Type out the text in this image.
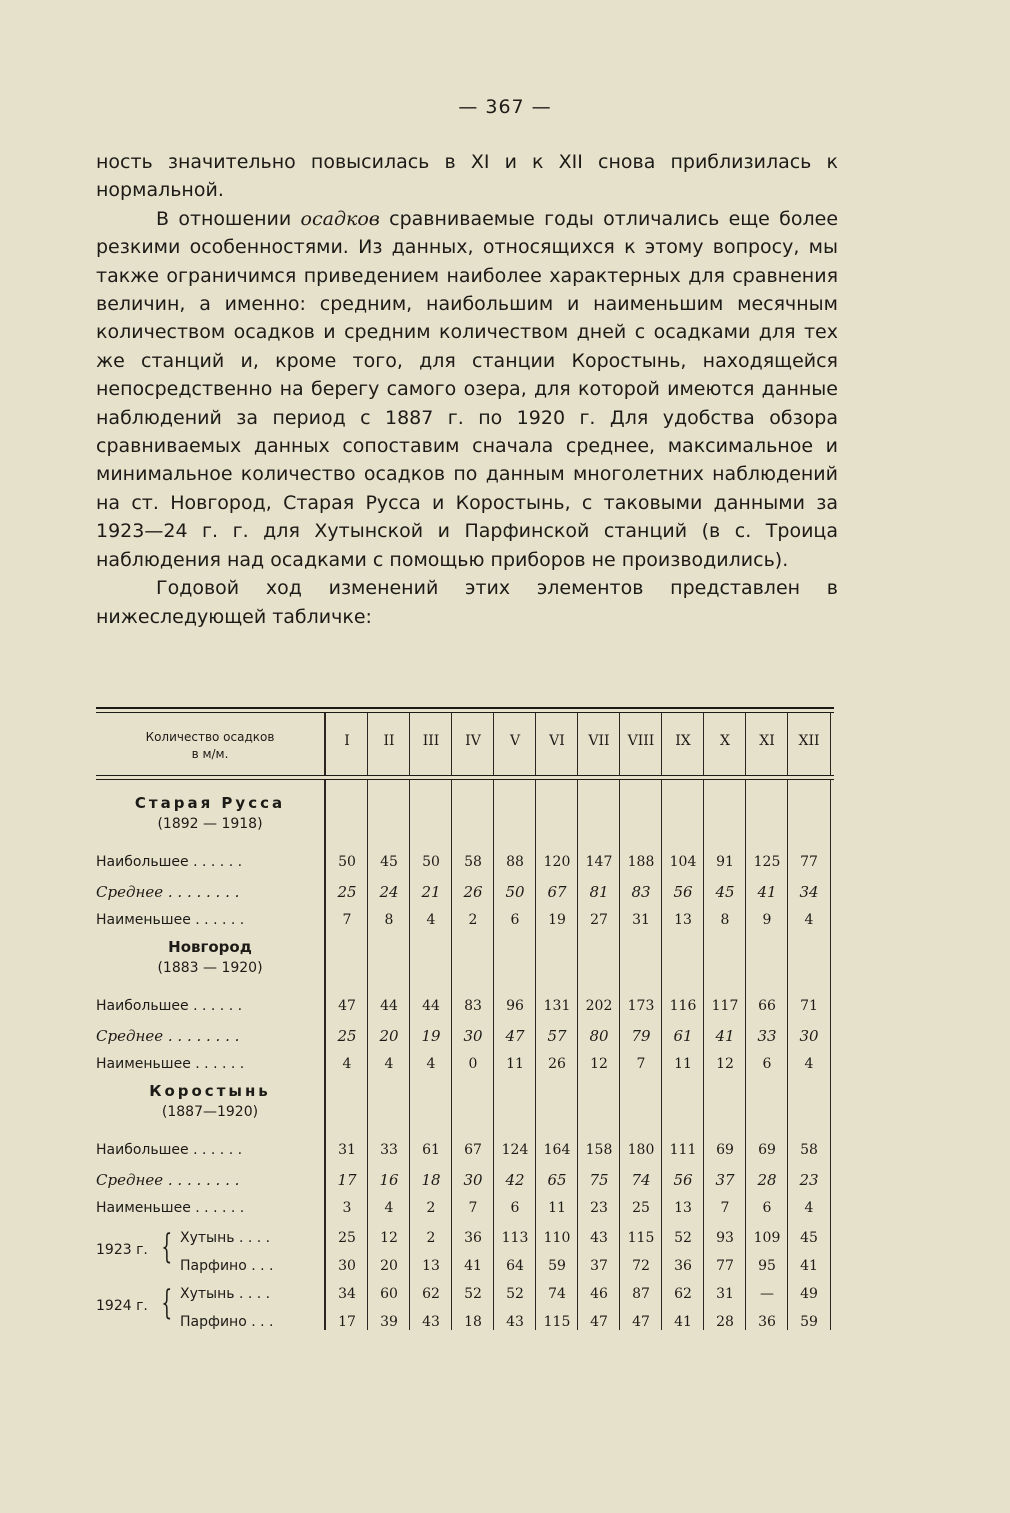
— 367 —

ность значительно повысилась в XI и к XII снова приблизилась к нормальной.

В отношении осадков сравниваемые годы отличались еще более резкими особенностями. Из данных, относящихся к этому вопросу, мы также ограничимся приведением наиболее характерных для сравнения величин, а именно: средним, наибольшим и наименьшим месячным количеством осадков и средним количеством дней с осадками для тех же станций и, кроме того, для станции Коростынь, находящейся непосредственно на берегу самого озера, для которой имеются данные наблюдений за период с 1887 г. по 1920 г. Для удобства обзора сравниваемых данных сопоставим сначала среднее, максимальное и минимальное количество осадков по данным многолетних наблюдений на ст. Новгород, Старая Русса и Коростынь, с таковыми данными за 1923—24 г. г. для Хутынской и Парфинской станций (в с. Троица наблюдения над осадками с помощью приборов не производились).

Годовой ход изменений этих элементов представлен в нижеследующей табличке:

Количество осадков
в м/м.
I	II	III	IV	V	VI	VII	VIII	IX	X	XI	XII
Старая Русса
(1892 — 1918)
Наибольшее . . . . . .	50	45	50	58	88	120	147	188	104	91	125	77
Среднее . . . . . . . .	25	24	21	26	50	67	81	83	56	45	41	34
Наименьшее . . . . . .	7	8	4	2	6	19	27	31	13	8	9	4
Новгород
(1883 — 1920)
Наибольшее . . . . . .	47	44	44	83	96	131	202	173	116	117	66	71
Среднее . . . . . . . .	25	20	19	30	47	57	80	79	61	41	33	30
Наименьшее . . . . . .	4	4	4	0	11	26	12	7	11	12	6	4
Коростынь
(1887—1920)
Наибольшее . . . . . .	31	33	61	67	124	164	158	180	111	69	69	58
Среднее . . . . . . . .	17	16	18	30	42	65	75	74	56	37	28	23
Наименьшее . . . . . .	3	4	2	7	6	11	23	25	13	7	6	4
1923 г. { Хутынь . . . .	25	12	2	36	113	110	43	115	52	93	109	45
Парфино . . .	30	20	13	41	64	59	37	72	36	77	95	41
1924 г. { Хутынь . . . .	34	60	62	52	52	74	46	87	62	31	—	49
Парфино . . .	17	39	43	18	43	115	47	47	41	28	36	59
